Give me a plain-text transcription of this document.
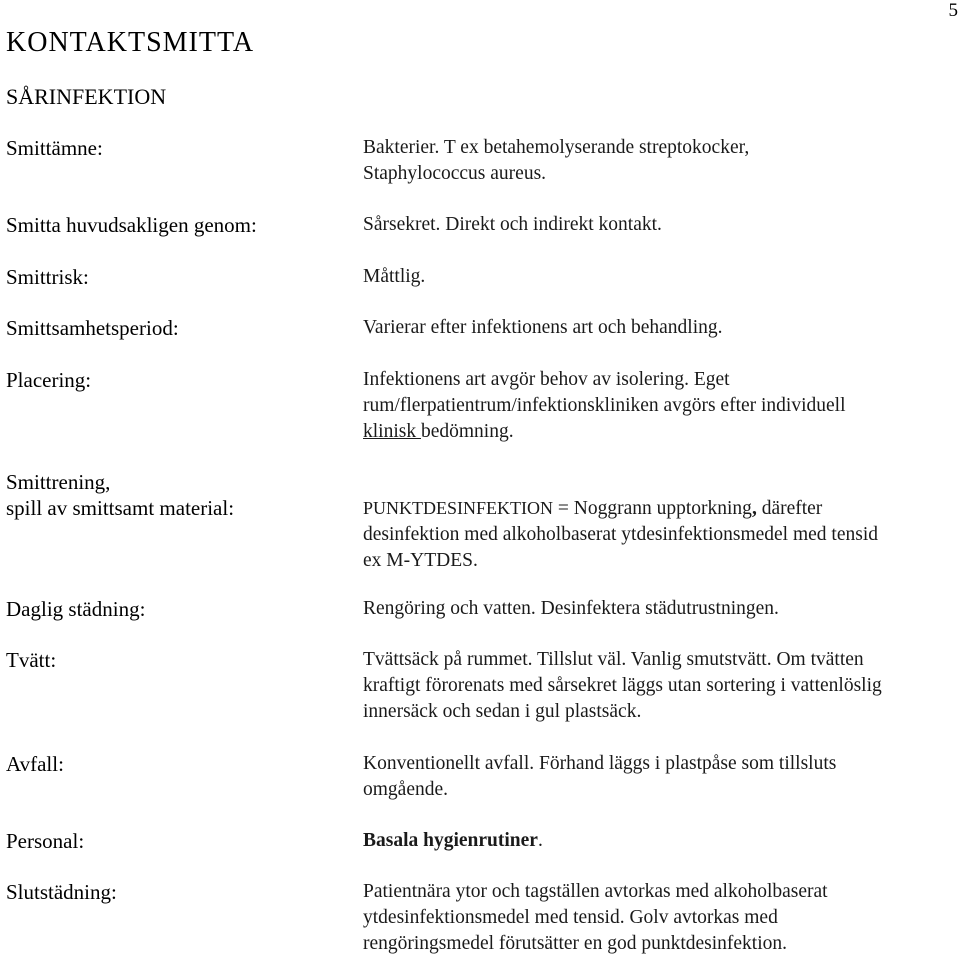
5
KONTAKTSMITTA
SÅRINFEKTION
Smittämne:	Bakterier. T ex betahemolyserande streptokocker,
Staphylococcus aureus.
Smitta huvudsakligen genom:	Sårsekret. Direkt och indirekt kontakt.
Smittrisk:	Måttlig.
Smittsamhetsperiod:	Varierar efter infektionens art och behandling.
Placering:	Infektionens art avgör behov av isolering. Eget
rum/flerpatientrum/infektionskliniken avgörs efter individuell
klinisk bedömning.
Smittrening,
spill av smittsamt material:	PUNKTDESINFEKTION = Noggrann upptorkning, därefter
desinfektion med alkoholbaserat ytdesinfektionsmedel med tensid
ex M-YTDES.
Daglig städning:	Rengöring och vatten. Desinfektera städutrustningen.
Tvätt:	Tvättsäck på rummet. Tillslut väl. Vanlig smutstvätt. Om tvätten
kraftigt förorenats med sårsekret läggs utan sortering i vattenlöslig
innersäck och sedan i gul plastsäck.
Avfall:	Konventionellt avfall. Förhand läggs i plastpåse som tillsluts
omgående.
Personal:	Basala hygienrutiner.
Slutstädning:	Patientnära ytor och tagställen avtorkas med alkoholbaserat
ytdesinfektionsmedel med tensid. Golv avtorkas med
rengöringsmedel förutsätter en god punktdesinfektion.
